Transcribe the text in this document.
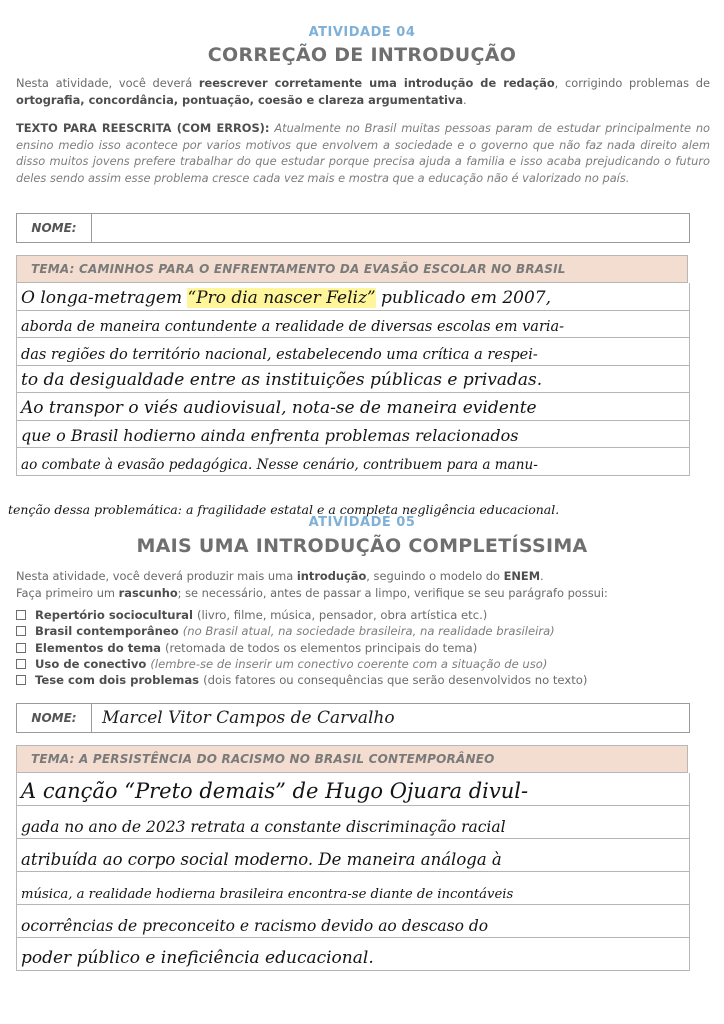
ATIVIDADE 04
CORREÇÃO DE INTRODUÇÃO
Nesta atividade, você deverá reescrever corretamente uma introdução de redação, corrigindo problemas de ortografia, concordância, pontuação, coesão e clareza argumentativa.
TEXTO PARA REESCRITA (COM ERROS): Atualmente no Brasil muitas pessoas param de estudar principalmente no ensino medio isso acontece por varios motivos que envolvem a sociedade e o governo que não faz nada direito alem disso muitos jovens prefere trabalhar do que estudar porque precisa ajuda a familia e isso acaba prejudicando o futuro deles sendo assim esse problema cresce cada vez mais e mostra que a educação não é valorizado no país.
NOME:
TEMA: CAMINHOS PARA O ENFRENTAMENTO DA EVASÃO ESCOLAR NO BRASIL
O longa-metragem “Pro dia nascer Feliz” publicado em 2007,
aborda de maneira contundente a realidade de diversas escolas em varia-
das regiões do território nacional, estabelecendo uma crítica a respei-
to da desigualdade entre as instituições públicas e privadas.
Ao transpor o viés audiovisual, nota-se de maneira evidente
que o Brasil hodierno ainda enfrenta problemas relacionados
ao combate à evasão pedagógica. Nesse cenário, contribuem para a manu-
tenção dessa problemática: a fragilidade estatal e a completa negligência educacional.
ATIVIDADE 05
MAIS UMA INTRODUÇÃO COMPLETÍSSIMA
Nesta atividade, você deverá produzir mais uma introdução, seguindo o modelo do ENEM.
Faça primeiro um rascunho; se necessário, antes de passar a limpo, verifique se seu parágrafo possui:
Repertório sociocultural (livro, filme, música, pensador, obra artística etc.)
Brasil contemporâneo (no Brasil atual, na sociedade brasileira, na realidade brasileira)
Elementos do tema (retomada de todos os elementos principais do tema)
Uso de conectivo (lembre-se de inserir um conectivo coerente com a situação de uso)
Tese com dois problemas (dois fatores ou consequências que serão desenvolvidos no texto)
NOME:	Marcel Vitor Campos de Carvalho
TEMA: A PERSISTÊNCIA DO RACISMO NO BRASIL CONTEMPORÂNEO
A canção “Preto demais” de Hugo Ojuara divul-
gada no ano de 2023 retrata a constante discriminação racial
atribuída ao corpo social moderno. De maneira análoga à
música, a realidade hodierna brasileira encontra-se diante de incontáveis
ocorrências de preconceito e racismo devido ao descaso do
poder público e ineficiência educacional.
